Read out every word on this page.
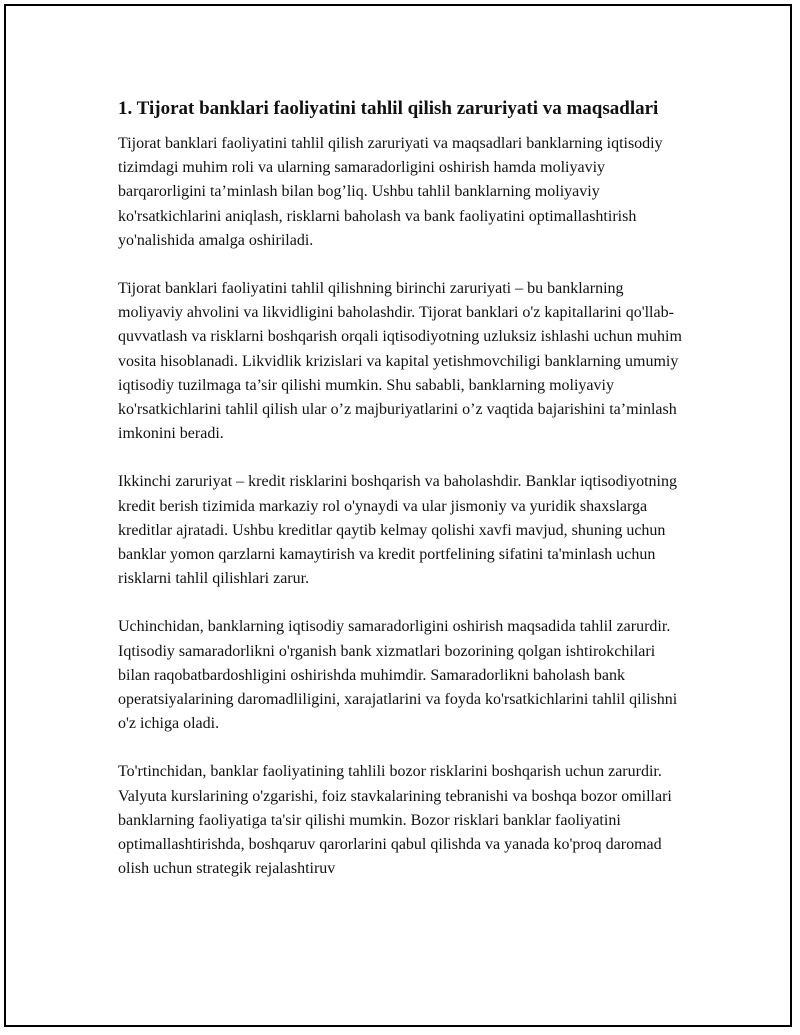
1. Tijorat banklari faoliyatini tahlil qilish zaruriyati va maqsadlari

Tijorat banklari faoliyatini tahlil qilish zaruriyati va maqsadlari banklarning iqtisodiy tizimdagi muhim roli va ularning samaradorligini oshirish hamda moliyaviy barqarorligini ta’minlash bilan bog’liq. Ushbu tahlil banklarning moliyaviy ko'rsatkichlarini aniqlash, risklarni baholash va bank faoliyatini optimallashtirish yo'nalishida amalga oshiriladi.

Tijorat banklari faoliyatini tahlil qilishning birinchi zaruriyati – bu banklarning moliyaviy ahvolini va likvidligini baholashdir. Tijorat banklari o'z kapitallarini qo'llab-quvvatlash va risklarni boshqarish orqali iqtisodiyotning uzluksiz ishlashi uchun muhim vosita hisoblanadi. Likvidlik krizislari va kapital yetishmovchiligi banklarning umumiy iqtisodiy tuzilmaga ta’sir qilishi mumkin. Shu sababli, banklarning moliyaviy ko'rsatkichlarini tahlil qilish ular o’z majburiyatlarini o’z vaqtida bajarishini ta’minlash imkonini beradi.

Ikkinchi zaruriyat – kredit risklarini boshqarish va baholashdir. Banklar iqtisodiyotning kredit berish tizimida markaziy rol o'ynaydi va ular jismoniy va yuridik shaxslarga kreditlar ajratadi. Ushbu kreditlar qaytib kelmay qolishi xavfi mavjud, shuning uchun banklar yomon qarzlarni kamaytirish va kredit portfelining sifatini ta'minlash uchun risklarni tahlil qilishlari zarur.

Uchinchidan, banklarning iqtisodiy samaradorligini oshirish maqsadida tahlil zarurdir. Iqtisodiy samaradorlikni o'rganish bank xizmatlari bozorining qolgan ishtirokchilari bilan raqobatbardoshligini oshirishda muhimdir. Samaradorlikni baholash bank operatsiyalarining daromadliligini, xarajatlarini va foyda ko'rsatkichlarini tahlil qilishni o'z ichiga oladi.

To'rtinchidan, banklar faoliyatining tahlili bozor risklarini boshqarish uchun zarurdir. Valyuta kurslarining o'zgarishi, foiz stavkalarining tebranishi va boshqa bozor omillari banklarning faoliyatiga ta'sir qilishi mumkin. Bozor risklari banklar faoliyatini optimallashtirishda, boshqaruv qarorlarini qabul qilishda va yanada ko'proq daromad olish uchun strategik rejalashtiruv
